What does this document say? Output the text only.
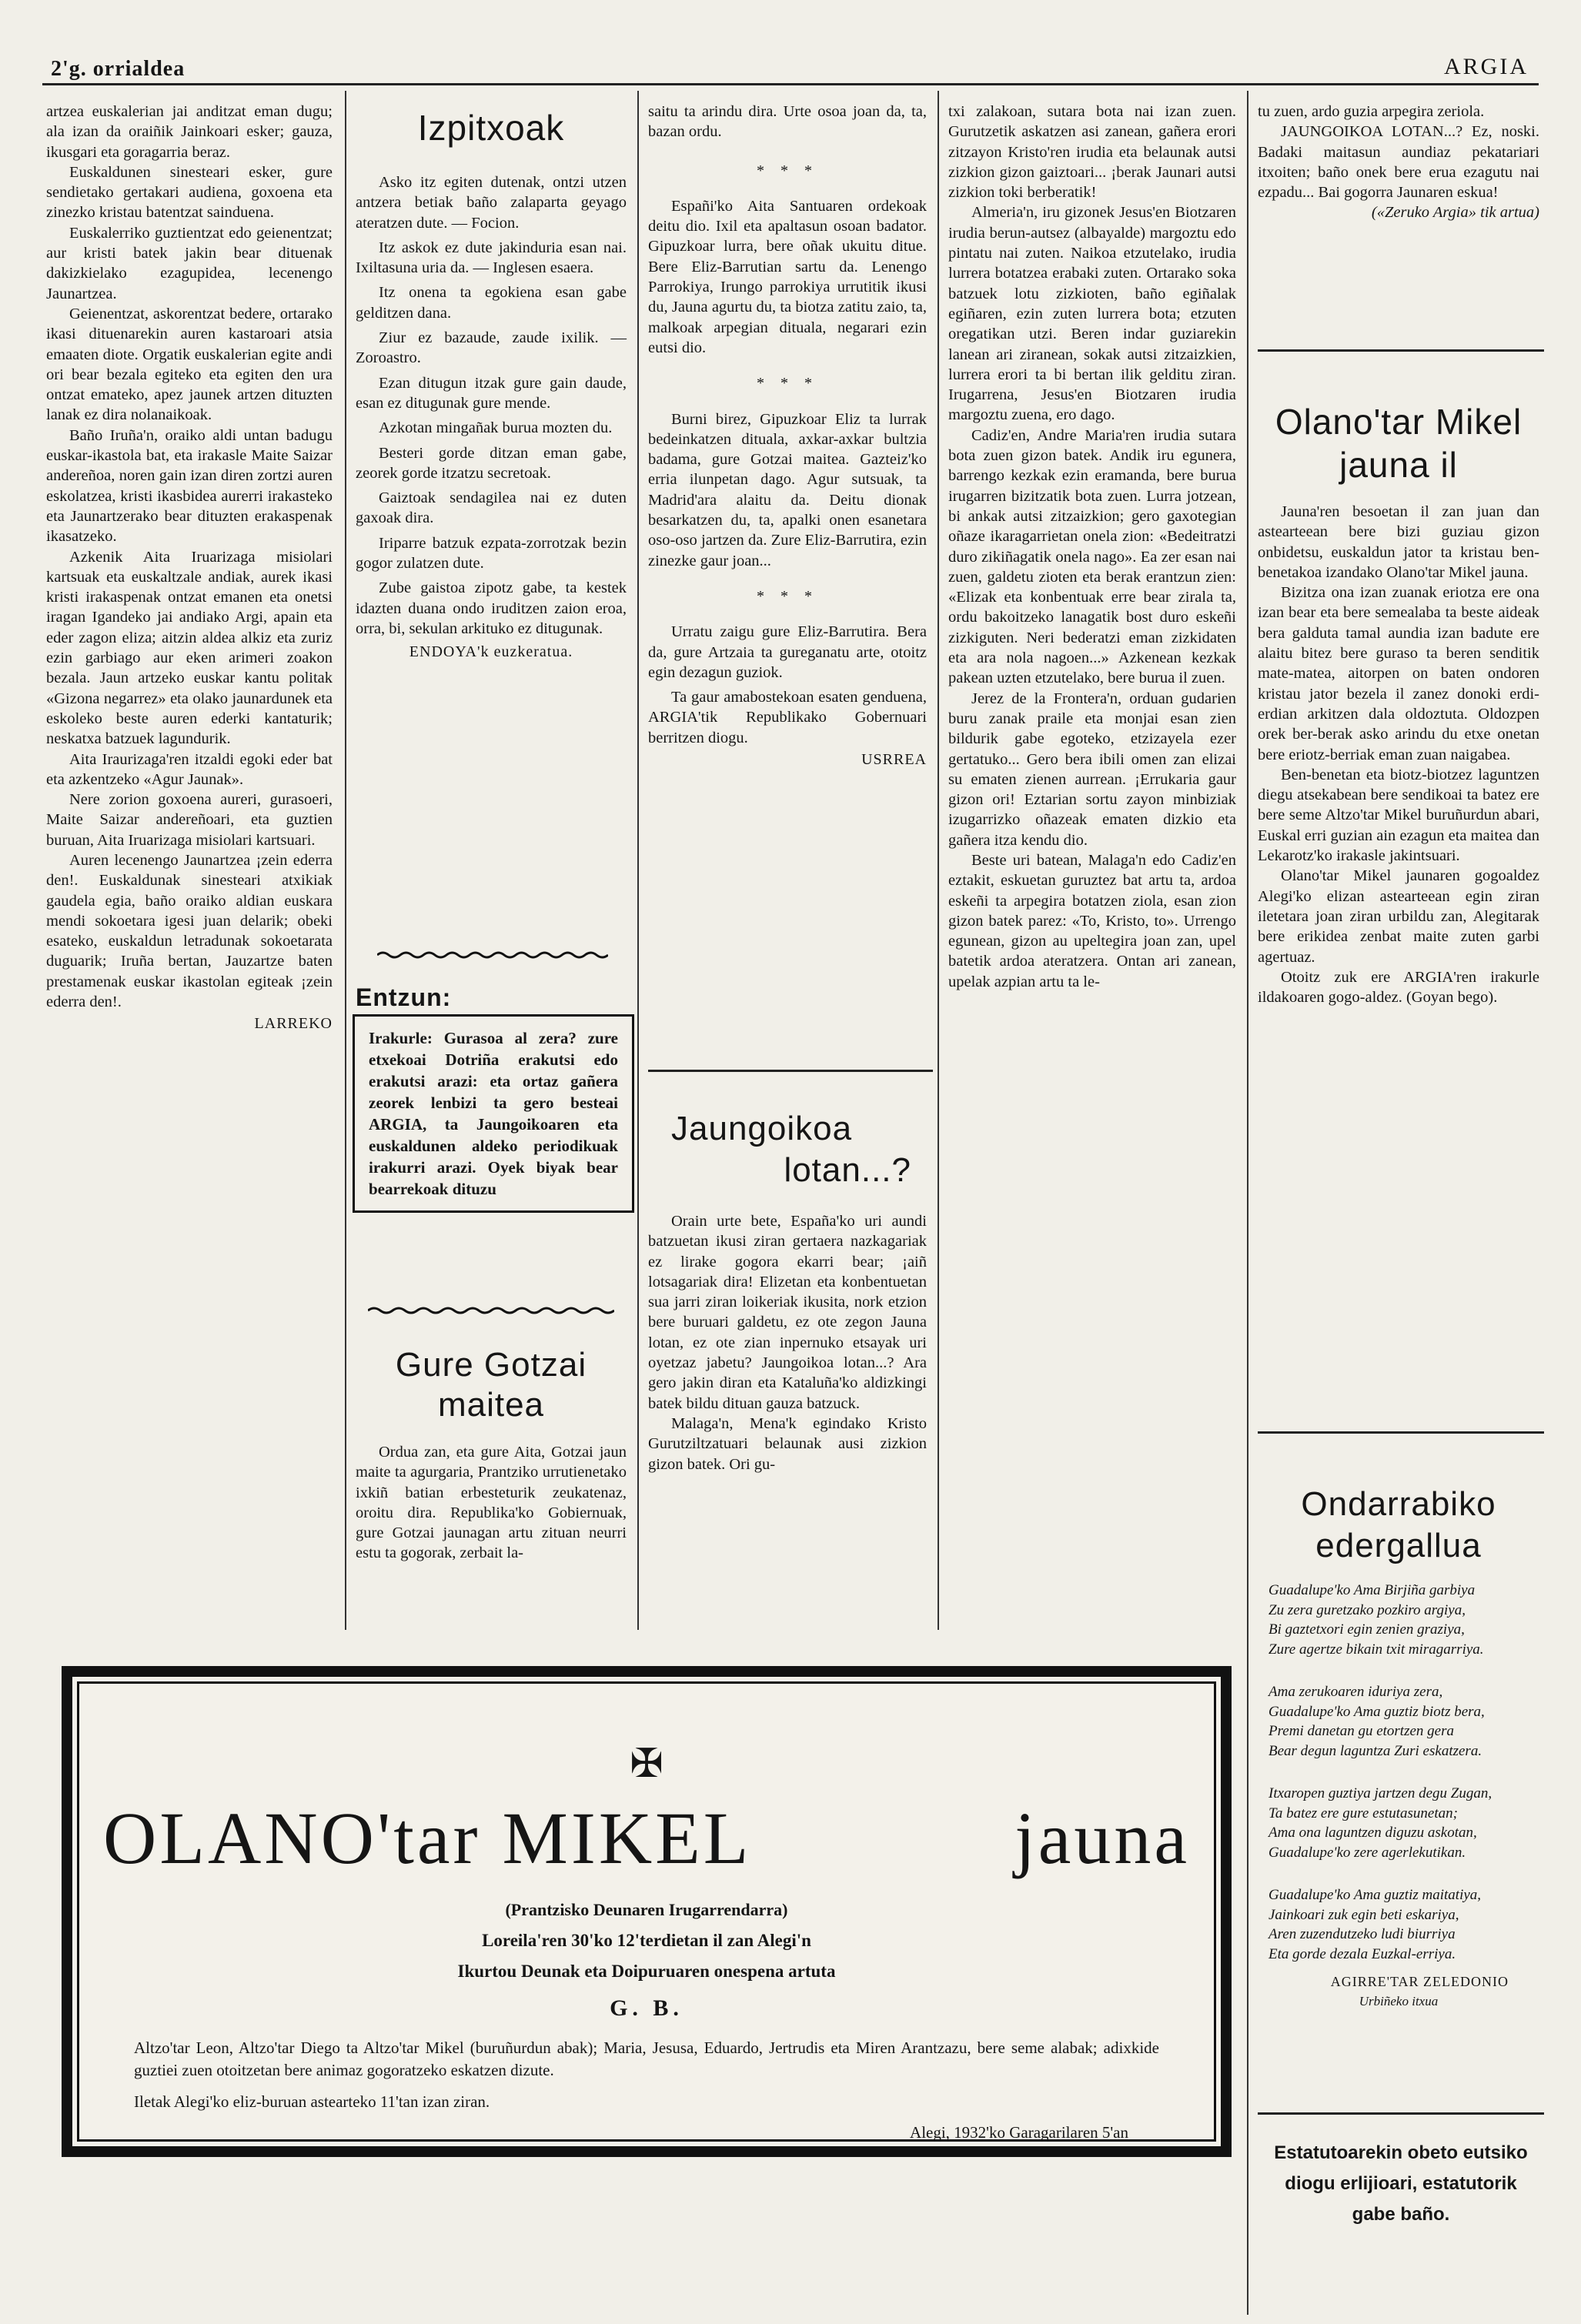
2'g. orrialdea	ARGIA

artzea euskalerian jai anditzat eman dugu; ala izan da oraiñik Jainkoari esker; gauza, ikusgari eta goragarria beraz.

Euskaldunen sinesteari esker, gure sendietako gertakari audiena, goxoena eta zinezko kristau batentzat sainduena.

Euskalerriko guztientzat edo geienentzat; aur kristi batek jakin bear dituenak dakizkielako ezagupidea, lecenengo Jaunartzea.

Geienentzat, askorentzat bedere, ortarako ikasi dituenarekin auren kastaroari atsia emaaten diote. Orgatik euskalerian egite andi ori bear bezala egiteko eta egiten den ura ontzat emateko, apez jaunek artzen dituzten lanak ez dira nolanaikoak.

Baño Iruña'n, oraiko aldi untan badugu euskar-ikastola bat, eta irakasle Maite Saizar andereñoa, noren gain izan diren zortzi auren eskolatzea, kristi ikasbidea aurerri irakasteko eta Jaunartzerako bear dituzten erakaspenak ikasatzeko.

Azkenik Aita Iruarizaga misiolari kartsuak eta euskaltzale andiak, aurek ikasi kristi irakaspenak ontzat emanen eta onetsi iragan Igandeko jai andiako Argi, apain eta eder zagon eliza; aitzin aldea alkiz eta zuriz ezin garbiago aur eken arimeri zoakon bezala. Jaun artzeko euskar kantu politak «Gizona negarrez» eta olako jaunardunek eta eskoleko beste auren ederki kantaturik; neskatxa batzuek lagundurik.

Aita Iraurizaga'ren itzaldi egoki eder bat eta azkentzeko «Agur Jaunak».

Nere zorion goxoena aureri, gurasoeri, Maite Saizar andereñoari, eta guztien buruan, Aita Iruarizaga misiolari kartsuari.

Auren lecenengo Jaunartzea ¡zein ederra den!. Euskaldunak sinesteari atxikiak gaudela egia, baño oraiko aldian euskara mendi sokoetara igesi juan delarik; obeki esateko, euskaldun letradunak sokoetarata duguarik; Iruña bertan, Jauzartze baten prestamenak euskar ikastolan egiteak ¡zein ederra den!.

LARREKO
Izpitxoak

Asko itz egiten dutenak, ontzi utzen antzera betiak baño zalaparta geyago ateratzen dute. — Focion.

Itz askok ez dute jakinduria esan nai. Ixiltasuna uria da. — Inglesen esaera.

Itz onena ta egokiena esan gabe gelditzen dana.

Ziur ez bazaude, zaude ixilik. — Zoroastro.

Ezan ditugun itzak gure gain daude, esan ez ditugunak gure mende.

Azkotan mingañak burua mozten du.

Besteri gorde ditzan eman gabe, zeorek gorde itzatzu secretoak.

Gaiztoak sendagilea nai ez duten gaxoak dira.

Iriparre batzuk ezpata-zorrotzak bezin gogor zulatzen dute.

Zube gaistoa zipotz gabe, ta kestek idazten duana ondo iruditzen zaion eroa, orra, bi, sekulan arkituko ez ditugunak.

ENDOYA'k euzkeratua.
Entzun:
Irakurle: Gurasoa al zera? zure etxekoai Dotriña erakutsi edo erakutsi arazi: eta ortaz gañera zeorek lenbizi ta gero besteai ARGIA, ta Jaungoikoaren eta euskaldunen aldeko periodikuak irakurri arazi. Oyek biyak bear bearrekoak dituzu
Gure Gotzai
maitea

Ordua zan, eta gure Aita, Gotzai jaun maite ta agurgaria, Prantziko urrutienetako ixkiñ batian erbesteturik zeukatenaz, oroitu dira. Republika'ko Gobiernuak, gure Gotzai jaunagan artu zituan neurri estu ta gogorak, zerbait la-

saitu ta arindu dira. Urte osoa joan da, ta, bazan ordu.

* * *

Españi'ko Aita Santuaren ordekoak deitu dio. Ixil eta apaltasun osoan badator. Gipuzkoar lurra, bere oñak ukuitu ditue. Bere Eliz-Barrutian sartu da. Lenengo Parrokiya, Irungo parrokiya urrutitik ikusi du, Jauna agurtu du, ta biotza zatitu zaio, ta, malkoak arpegian dituala, negarari ezin eutsi dio.

* * *

Burni birez, Gipuzkoar Eliz ta lurrak bedeinkatzen dituala, axkar-axkar bultzia badama, gure Gotzai maitea. Gazteiz'ko erria ilunpetan dago. Agur sutsuak, ta Madrid'ara alaitu da. Deitu dionak besarkatzen du, ta, apalki onen esanetara oso-oso jartzen da. Zure Eliz-Barrutira, ezin zinezke gaur joan...

* * *

Urratu zaigu gure Eliz-Barrutira. Bera da, gure Artzaia ta gureganatu arte, otoitz egin dezagun guziok.

Ta gaur amabostekoan esaten genduena, ARGIA'tik Republikako Gobernuari berritzen diogu.

USRREA
Jaungoikoa
lotan...?

Orain urte bete, España'ko uri aundi batzuetan ikusi ziran gertaera nazkagariak ez lirake gogora ekarri bear; ¡aiñ lotsagariak dira! Elizetan eta konbentuetan sua jarri ziran loikeriak ikusita, nork etzion bere buruari galdetu, ez ote zegon Jauna lotan, ez ote zian inpernuko etsayak uri oyetzaz jabetu? Jaungoikoa lotan...? Ara gero jakin diran eta Kataluña'ko aldizkingi batek bildu dituan gauza batzuck.

Malaga'n, Mena'k egindako Kristo Gurutziltzatuari belaunak ausi zizkion gizon batek. Ori gu-

txi zalakoan, sutara bota nai izan zuen. Gurutzetik askatzen asi zanean, gañera erori zitzayon Kristo'ren irudia eta belaunak autsi zizkion gizon gaiztoari... ¡berak Jaunari autsi zizkion toki berberatik!

Almeria'n, iru gizonek Jesus'en Biotzaren irudia berun-autsez (albayalde) margoztu edo pintatu nai zuten. Naikoa etzutelako, irudia lurrera botatzea erabaki zuten. Ortarako soka batzuek lotu zizkioten, baño egiñalak egiñaren, ezin zuten lurrera bota; etzuten oregatikan utzi. Beren indar guziarekin lanean ari ziranean, sokak autsi zitzaizkien, lurrera erori ta bi bertan ilik gelditu ziran. Irugarrena, Jesus'en Biotzaren irudia margoztu zuena, ero dago.

Cadiz'en, Andre Maria'ren irudia sutara bota zuen gizon batek. Andik iru egunera, barrengo kezkak ezin eramanda, bere burua irugarren bizitzatik bota zuen. Lurra jotzean, bi ankak autsi zitzaizkion; gero gaxotegian oñaze ikaragarrietan onela zion: «Bedeitratzi duro zikiñagatik onela nago». Ea zer esan nai zuen, galdetu zioten eta berak erantzun zien: «Elizak eta konbentuak erre bear zirala ta, ordu bakoitzeko lanagatik bost duro eskeñi zizkiguten. Neri bederatzi eman zizkidaten eta ara nola nagoen...» Azkenean kezkak pakean uzten etzutelako, bere burua il zuen.

Jerez de la Frontera'n, orduan gudarien buru zanak praile eta monjai esan zien bildurik gabe egoteko, etzizayela ezer gertatuko... Gero bera ibili omen zan elizai su ematen zienen aurrean. ¡Errukaria gaur gizon ori! Eztarian sortu zayon minbiziak izugarrizko oñazeak ematen dizkio eta gañera itza kendu dio.

Beste uri batean, Malaga'n edo Cadiz'en eztakit, eskuetan guruztez bat artu ta, ardoa eskeñi ta arpegira botatzen ziola, esan zion gizon batek parez: «To, Kristo, to». Urrengo egunean, gizon au upeltegira joan zan, upel batetik ardoa ateratzera. Ontan ari zanean, upelak azpian artu ta le-

tu zuen, ardo guzia arpegira zeriola.

JAUNGOIKOA LOTAN...? Ez, noski. Badaki maitasun aundiaz pekatariari itxoiten; baño onek bere erua ezagutu nai ezpadu... Bai gogorra Jaunaren eskua!

(«Zeruko Argia» tik artua)
Olano'tar Mikel
jauna il

Jauna'ren besoetan il zan juan dan astearteean bere bizi guziau gizon onbidetsu, euskaldun jator ta kristau ben-benetakoa izandako Olano'tar Mikel jauna.

Bizitza ona izan zuanak eriotza ere ona izan bear eta bere semealaba ta beste aideak bera galduta tamal aundia izan badute ere alaitu bitez bere guraso ta beren senditik mate-matea, aitorpen on baten ondoren kristau jator bezela il zanez donoki erdi-erdian arkitzen dala oldoztuta. Oldozpen orek ber-berak asko arindu du etxe onetan bere eriotz-berriak eman zuan naigabea.

Ben-benetan eta biotz-biotzez laguntzen diegu atsekabean bere sendikoai ta batez ere bere seme Altzo'tar Mikel buruñurdun abari, Euskal erri guzian ain ezagun eta maitea dan Lekarotz'ko irakasle jakintsuari.

Olano'tar Mikel jaunaren gogoaldez Alegi'ko elizan astearteean egin ziran iletetara joan ziran urbildu zan, Alegitarak bere erikidea zenbat maite zuten garbi agertuaz.

Otoitz zuk ere ARGIA'ren irakurle ildakoaren gogo-aldez. (Goyan bego).

Ondarrabiko
edergallua
Guadalupe'ko Ama Birjiña garbiya
Zu zera guretzako pozkiro argiya,
Bi gaztetxori egin zenien graziya,
Zure agertze bikain txit miragarriya.
Ama zerukoaren iduriya zera,
Guadalupe'ko Ama guztiz biotz bera,
Premi danetan gu etortzen gera
Bear degun laguntza Zuri eskatzera.
Itxaropen guztiya jartzen degu Zugan,
Ta batez ere gure estutasunetan;
Ama ona laguntzen diguzu askotan,
Guadalupe'ko zere agerlekutikan.
Guadalupe'ko Ama guztiz maitatiya,
Jainkoari zuk egin beti eskariya,
Aren zuzendutzeko ludi biurriya
Eta gorde dezala Euzkal-erriya.
AGIRRE'TAR ZELEDONIO
Urbiñeko itxua
Estatutoarekin obeto eutsiko diogu erlijioari, estatutorik gabe baño.
✠
OLANO'tar MIKEL	jauna
(Prantzisko Deunaren Irugarrendarra)
Loreila'ren 30'ko 12'terdietan il zan Alegi'n
Ikurtou Deunak eta Doipuruaren onespena artuta
G. B.
Altzo'tar Leon, Altzo'tar Diego ta Altzo'tar Mikel (buruñurdun abak); Maria, Jesusa, Eduardo, Jertrudis eta Miren Arantzazu, bere seme alabak; adixkide guztiei zuen otoitzetan bere animaz gogoratzeko eskatzen dizute.
Iletak Alegi'ko eliz-buruan astearteko 11'tan izan ziran.
Alegi, 1932'ko Garagarilaren 5'an
